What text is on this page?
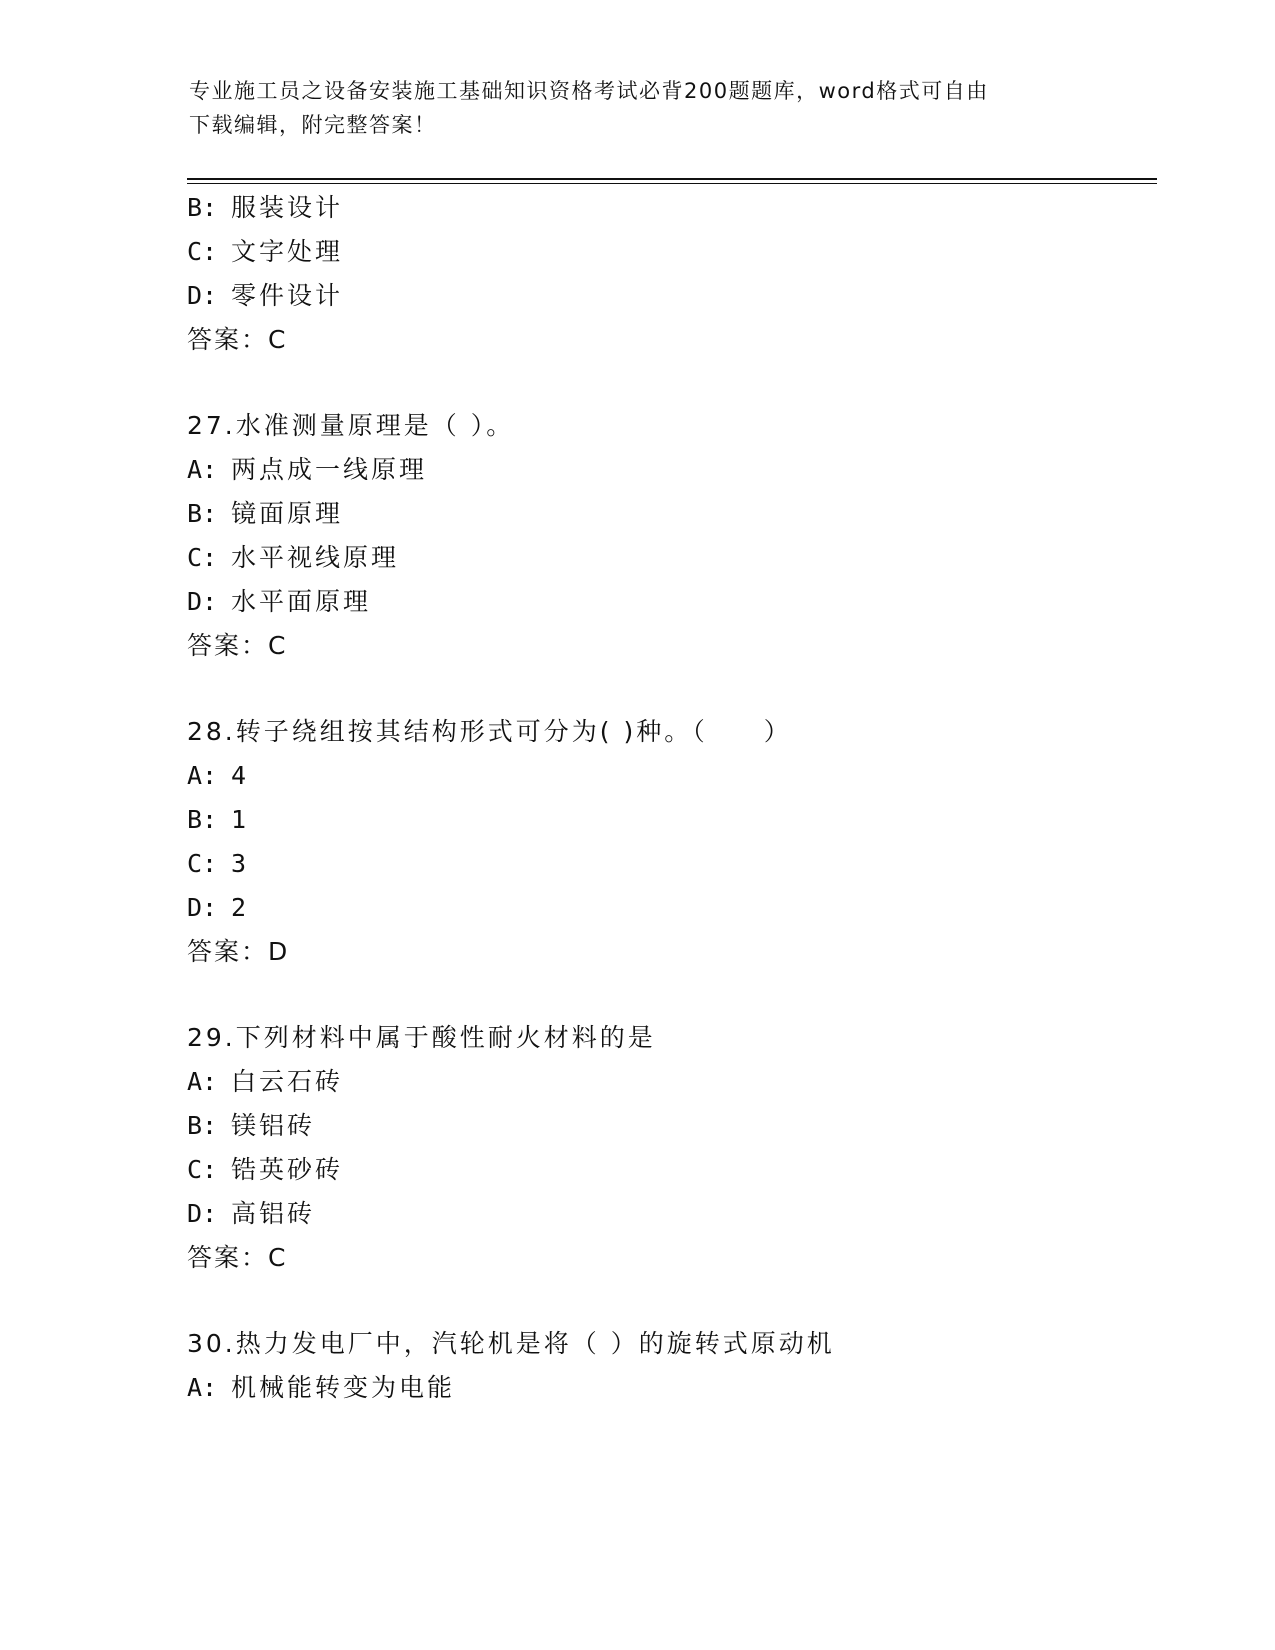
专业施工员之设备安装施工基础知识资格考试必背200题题库，word格式可自由
下载编辑，附完整答案！
B: 服装设计
C: 文字处理
D: 零件设计
答案：C
27.水准测量原理是（ ）。
A: 两点成一线原理
B: 镜面原理
C: 水平视线原理
D: 水平面原理
答案：C
28.转子绕组按其结构形式可分为( )种。（　　）
A: 4
B: 1
C: 3
D: 2
答案：D
29.下列材料中属于酸性耐火材料的是
A: 白云石砖
B: 镁铝砖
C: 锆英砂砖
D: 高铝砖
答案：C
30.热力发电厂中，汽轮机是将（ ）的旋转式原动机
A: 机械能转变为电能
